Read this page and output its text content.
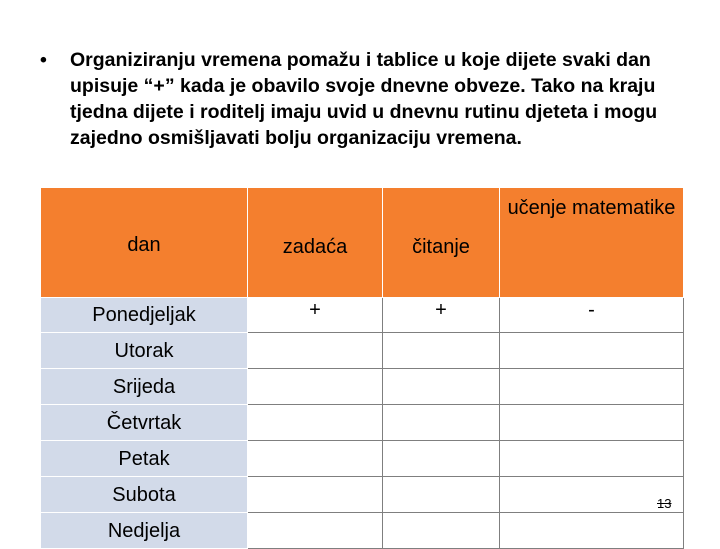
• Organiziranju vremena pomažu i tablice u koje dijete svaki dan upisuje “+” kada je obavilo svoje dnevne obveze. Tako na kraju tjedna dijete i roditelj imaju uvid u dnevnu rutinu djeteta i mogu zajedno osmišljavati bolju organizaciju vremena.
dan	zadaća	čitanje	učenje matematike
Ponedjeljak	+	+	-
Utorak			
Srijeda			
Četvrtak			
Petak			
Subota			
Nedjelja			
13
